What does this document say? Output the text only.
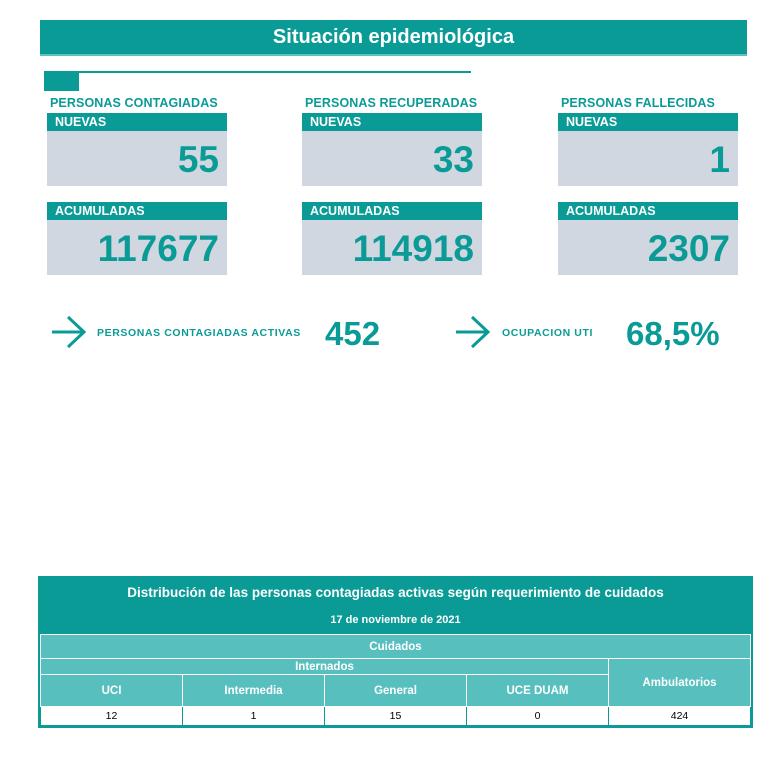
Situación epidemiológica
PERSONAS CONTAGIADAS
NUEVAS
55
ACUMULADAS
117677
PERSONAS RECUPERADAS
NUEVAS
33
ACUMULADAS
114918
PERSONAS FALLECIDAS
NUEVAS
1
ACUMULADAS
2307
PERSONAS CONTAGIADAS ACTIVAS 452	OCUPACION UTI 68,5%
Distribución de las personas contagiadas activas según requerimiento de cuidados
17 de noviembre de 2021
Cuidados				
Internados				Ambulatorios
UCI	Intermedia	General	UCE DUAM	
12	1	15	0	424
